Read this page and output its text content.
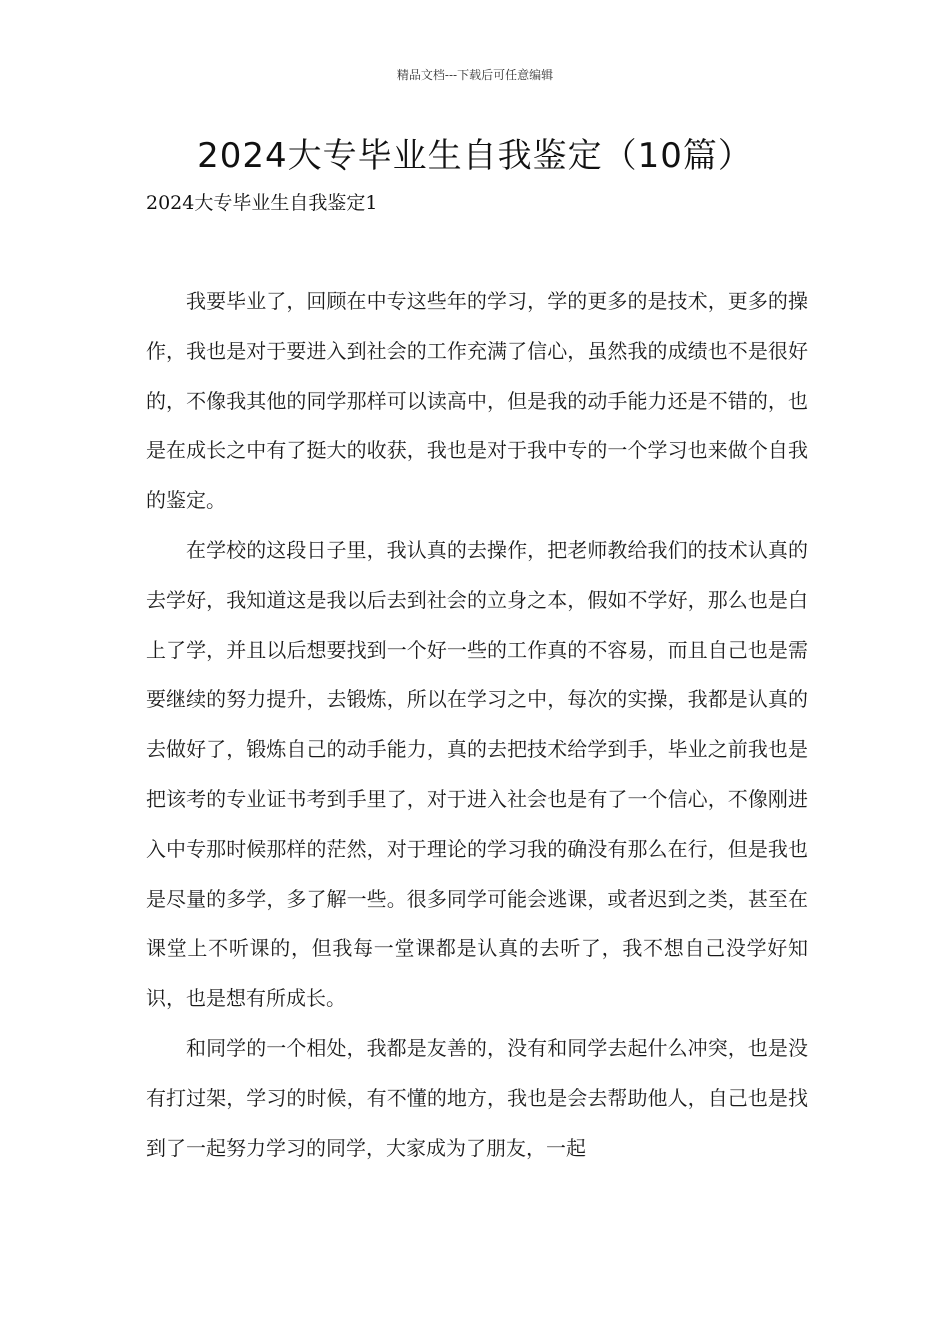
精品文档---下载后可任意编辑
2024大专毕业生自我鉴定（10篇）
2024大专毕业生自我鉴定1

我要毕业了，回顾在中专这些年的学习，学的更多的是技术，更多的操作，我也是对于要进入到社会的工作充满了信心，虽然我的成绩也不是很好的，不像我其他的同学那样可以读高中，但是我的动手能力还是不错的，也是在成长之中有了挺大的收获，我也是对于我中专的一个学习也来做个自我的鉴定。

在学校的这段日子里，我认真的去操作，把老师教给我们的技术认真的去学好，我知道这是我以后去到社会的立身之本，假如不学好，那么也是白上了学，并且以后想要找到一个好一些的工作真的不容易，而且自己也是需要继续的努力提升，去锻炼，所以在学习之中，每次的实操，我都是认真的去做好了，锻炼自己的动手能力，真的去把技术给学到手，毕业之前我也是把该考的专业证书考到手里了，对于进入社会也是有了一个信心，不像刚进入中专那时候那样的茫然，对于理论的学习我的确没有那么在行，但是我也是尽量的多学，多了解一些。很多同学可能会逃课，或者迟到之类，甚至在课堂上不听课的，但我每一堂课都是认真的去听了，我不想自己没学好知识，也是想有所成长。

和同学的一个相处，我都是友善的，没有和同学去起什么冲突，也是没有打过架，学习的时候，有不懂的地方，我也是会去帮助他人，自己也是找到了一起努力学习的同学，大家成为了朋友，一起
